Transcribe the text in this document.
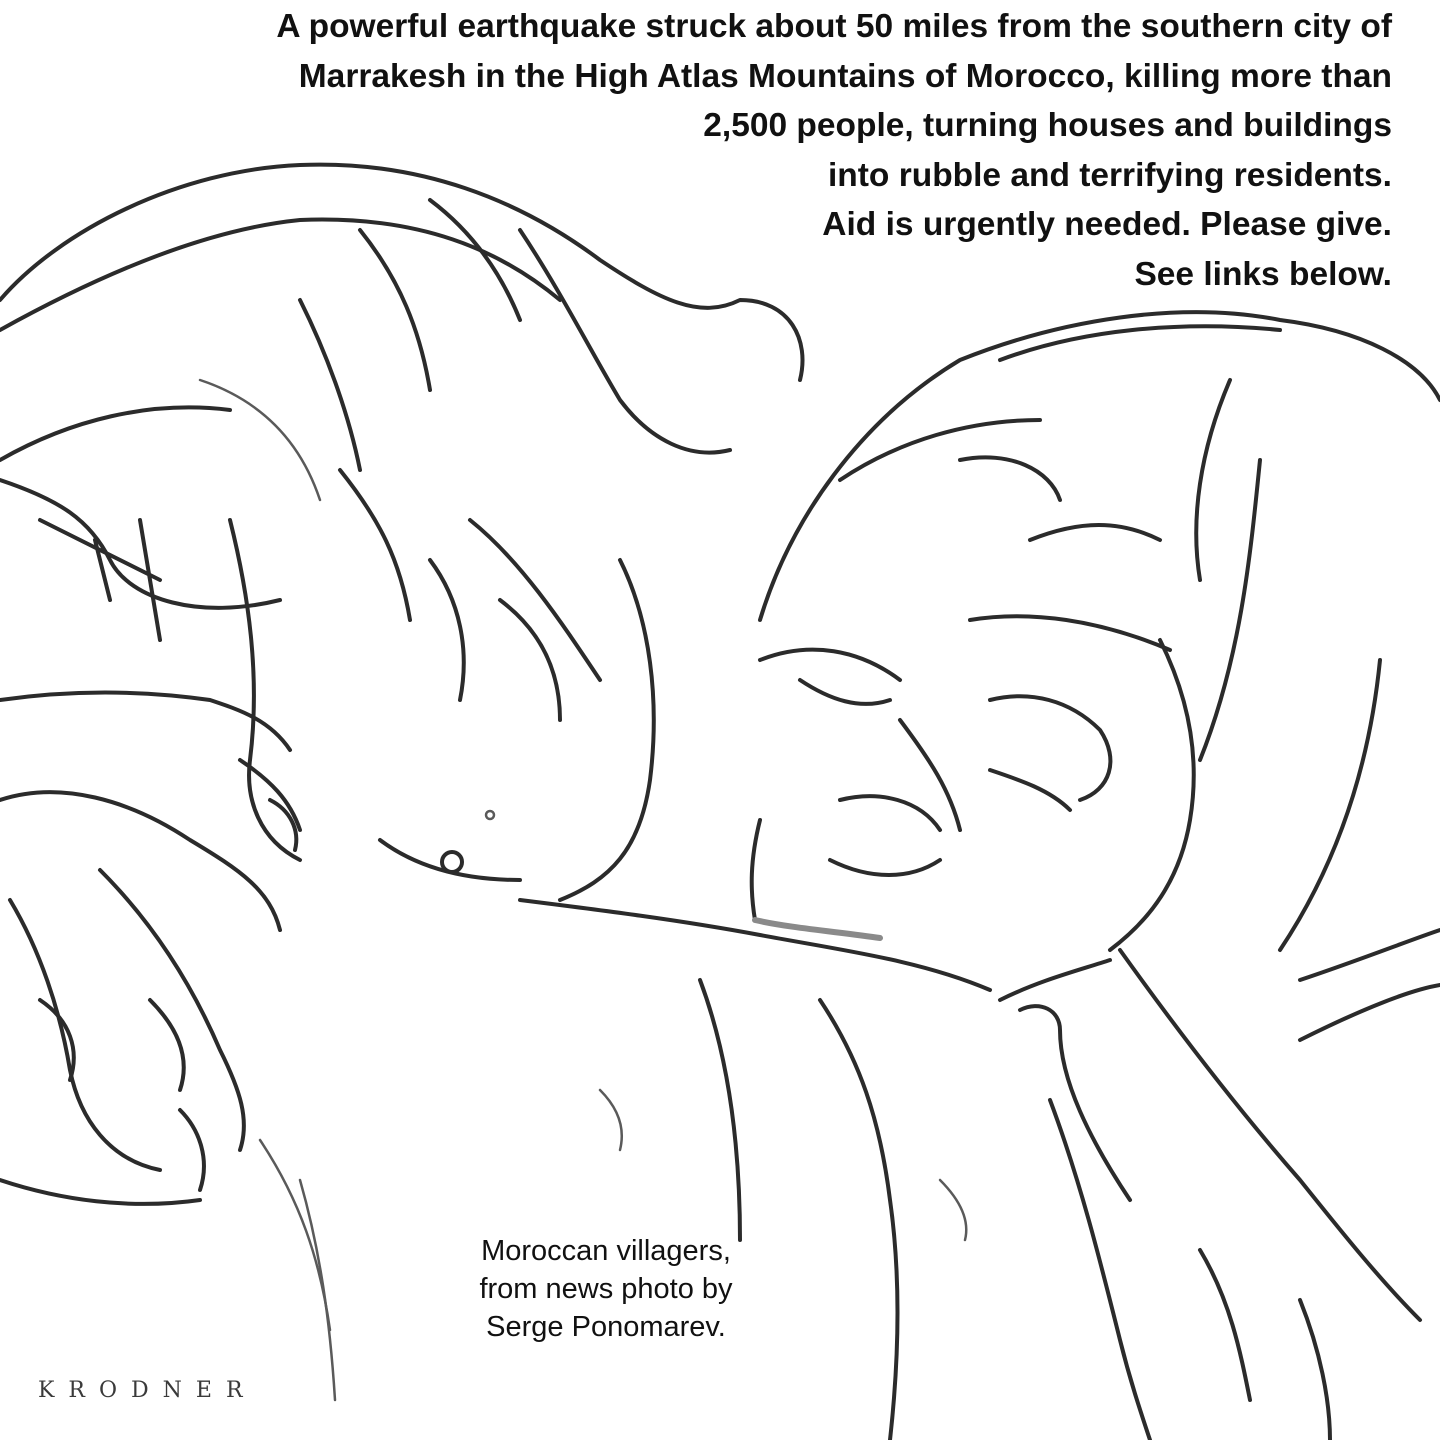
A powerful earthquake struck about 50 miles from the southern city of
Marrakesh in the High Atlas Mountains of Morocco, killing more than
2,500 people, turning houses and buildings
into rubble and terrifying residents.
Aid is urgently needed. Please give.
See links below.
Moroccan villagers,
from news photo by
Serge Ponomarev.
KRODNER
